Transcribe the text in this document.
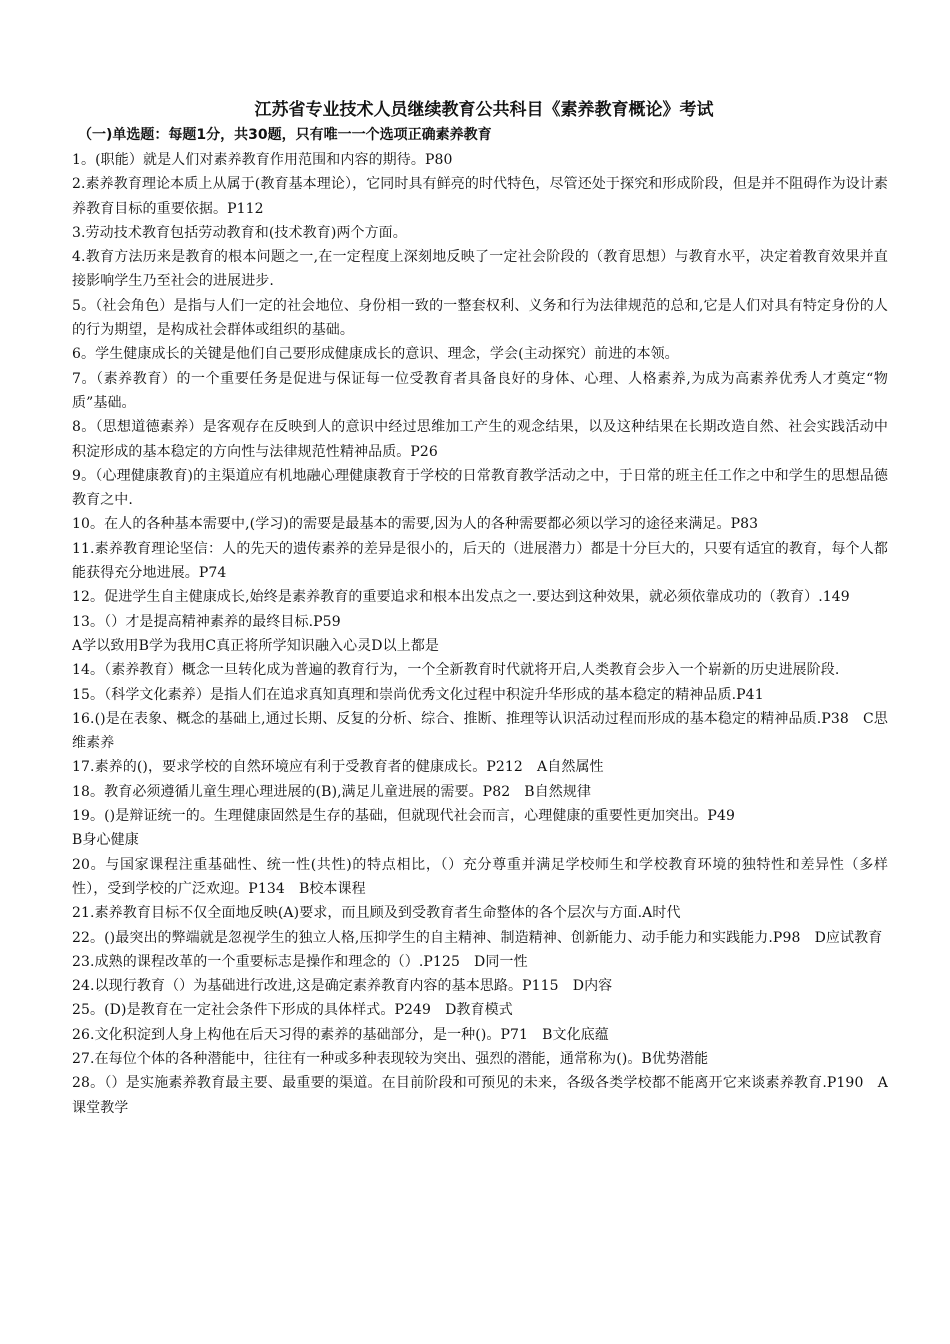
江苏省专业技术人员继续教育公共科目《素养教育概论》考试
（一)单选题：每题1分，共30题，只有唯一一个选项正确素养教育

1。(职能）就是人们对素养教育作用范围和内容的期待。P80

2.素养教育理论本质上从属于(教育基本理论），它同时具有鲜亮的时代特色，尽管还处于探究和形成阶段，但是并不阻碍作为设计素养教育目标的重要依据。P112

3.劳动技术教育包括劳动教育和(技术教育)两个方面。

4.教育方法历来是教育的根本问题之一,在一定程度上深刻地反映了一定社会阶段的（教育思想）与教育水平，决定着教育效果并直接影响学生乃至社会的进展进步.

5。（社会角色）是指与人们一定的社会地位、身份相一致的一整套权利、义务和行为法律规范的总和,它是人们对具有特定身份的人的行为期望，是构成社会群体或组织的基础。

6。学生健康成长的关键是他们自己要形成健康成长的意识、理念，学会(主动探究）前进的本领。

7。（素养教育）的一个重要任务是促进与保证每一位受教育者具备良好的身体、心理、人格素养,为成为高素养优秀人才奠定“物质”基础。

8。（思想道德素养）是客观存在反映到人的意识中经过思维加工产生的观念结果，以及这种结果在长期改造自然、社会实践活动中积淀形成的基本稳定的方向性与法律规范性精神品质。P26

9。（心理健康教育)的主渠道应有机地融心理健康教育于学校的日常教育教学活动之中，于日常的班主任工作之中和学生的思想品德教育之中.

10。在人的各种基本需要中,(学习)的需要是最基本的需要,因为人的各种需要都必须以学习的途径来满足。P83

11.素养教育理论坚信：人的先天的遗传素养的差异是很小的，后天的（进展潜力）都是十分巨大的，只要有适宜的教育，每个人都能获得充分地进展。P74

12。促进学生自主健康成长,始终是素养教育的重要追求和根本出发点之一.要达到这种效果，就必须依靠成功的（教育）.149

13。（）才是提高精神素养的最终目标.P59

A学以致用B学为我用C真正将所学知识融入心灵D以上都是

14。（素养教育）概念一旦转化成为普遍的教育行为，一个全新教育时代就将开启,人类教育会步入一个崭新的历史进展阶段.

15。（科学文化素养）是指人们在追求真知真理和崇尚优秀文化过程中积淀升华形成的基本稳定的精神品质.P41

16.()是在表象、概念的基础上,通过长期、反复的分析、综合、推断、推理等认识活动过程而形成的基本稳定的精神品质.P38　C思维素养

17.素养的()，要求学校的自然环境应有利于受教育者的健康成长。P212　A自然属性

18。教育必须遵循儿童生理心理进展的(B),满足儿童进展的需要。P82　B自然规律

19。()是辩证统一的。生理健康固然是生存的基础，但就现代社会而言，心理健康的重要性更加突出。P49

B身心健康

20。与国家课程注重基础性、统一性(共性)的特点相比，（）充分尊重并满足学校师生和学校教育环境的独特性和差异性（多样性），受到学校的广泛欢迎。P134　B校本课程

21.素养教育目标不仅全面地反映(A)要求，而且顾及到受教育者生命整体的各个层次与方面.A时代

22。()最突出的弊端就是忽视学生的独立人格,压抑学生的自主精神、制造精神、创新能力、动手能力和实践能力.P98　D应试教育

23.成熟的课程改革的一个重要标志是操作和理念的（）.P125　D同一性

24.以现行教育（）为基础进行改进,这是确定素养教育内容的基本思路。P115　D内容

25。(D)是教育在一定社会条件下形成的具体样式。P249　D教育模式

26.文化积淀到人身上构他在后天习得的素养的基础部分，是一种()。P71　B文化底蕴

27.在每位个体的各种潜能中，往往有一种或多种表现较为突出、强烈的潜能，通常称为()。B优势潜能

28。（）是实施素养教育最主要、最重要的渠道。在目前阶段和可预见的未来，各级各类学校都不能离开它来谈素养教育.P190　A课堂教学
